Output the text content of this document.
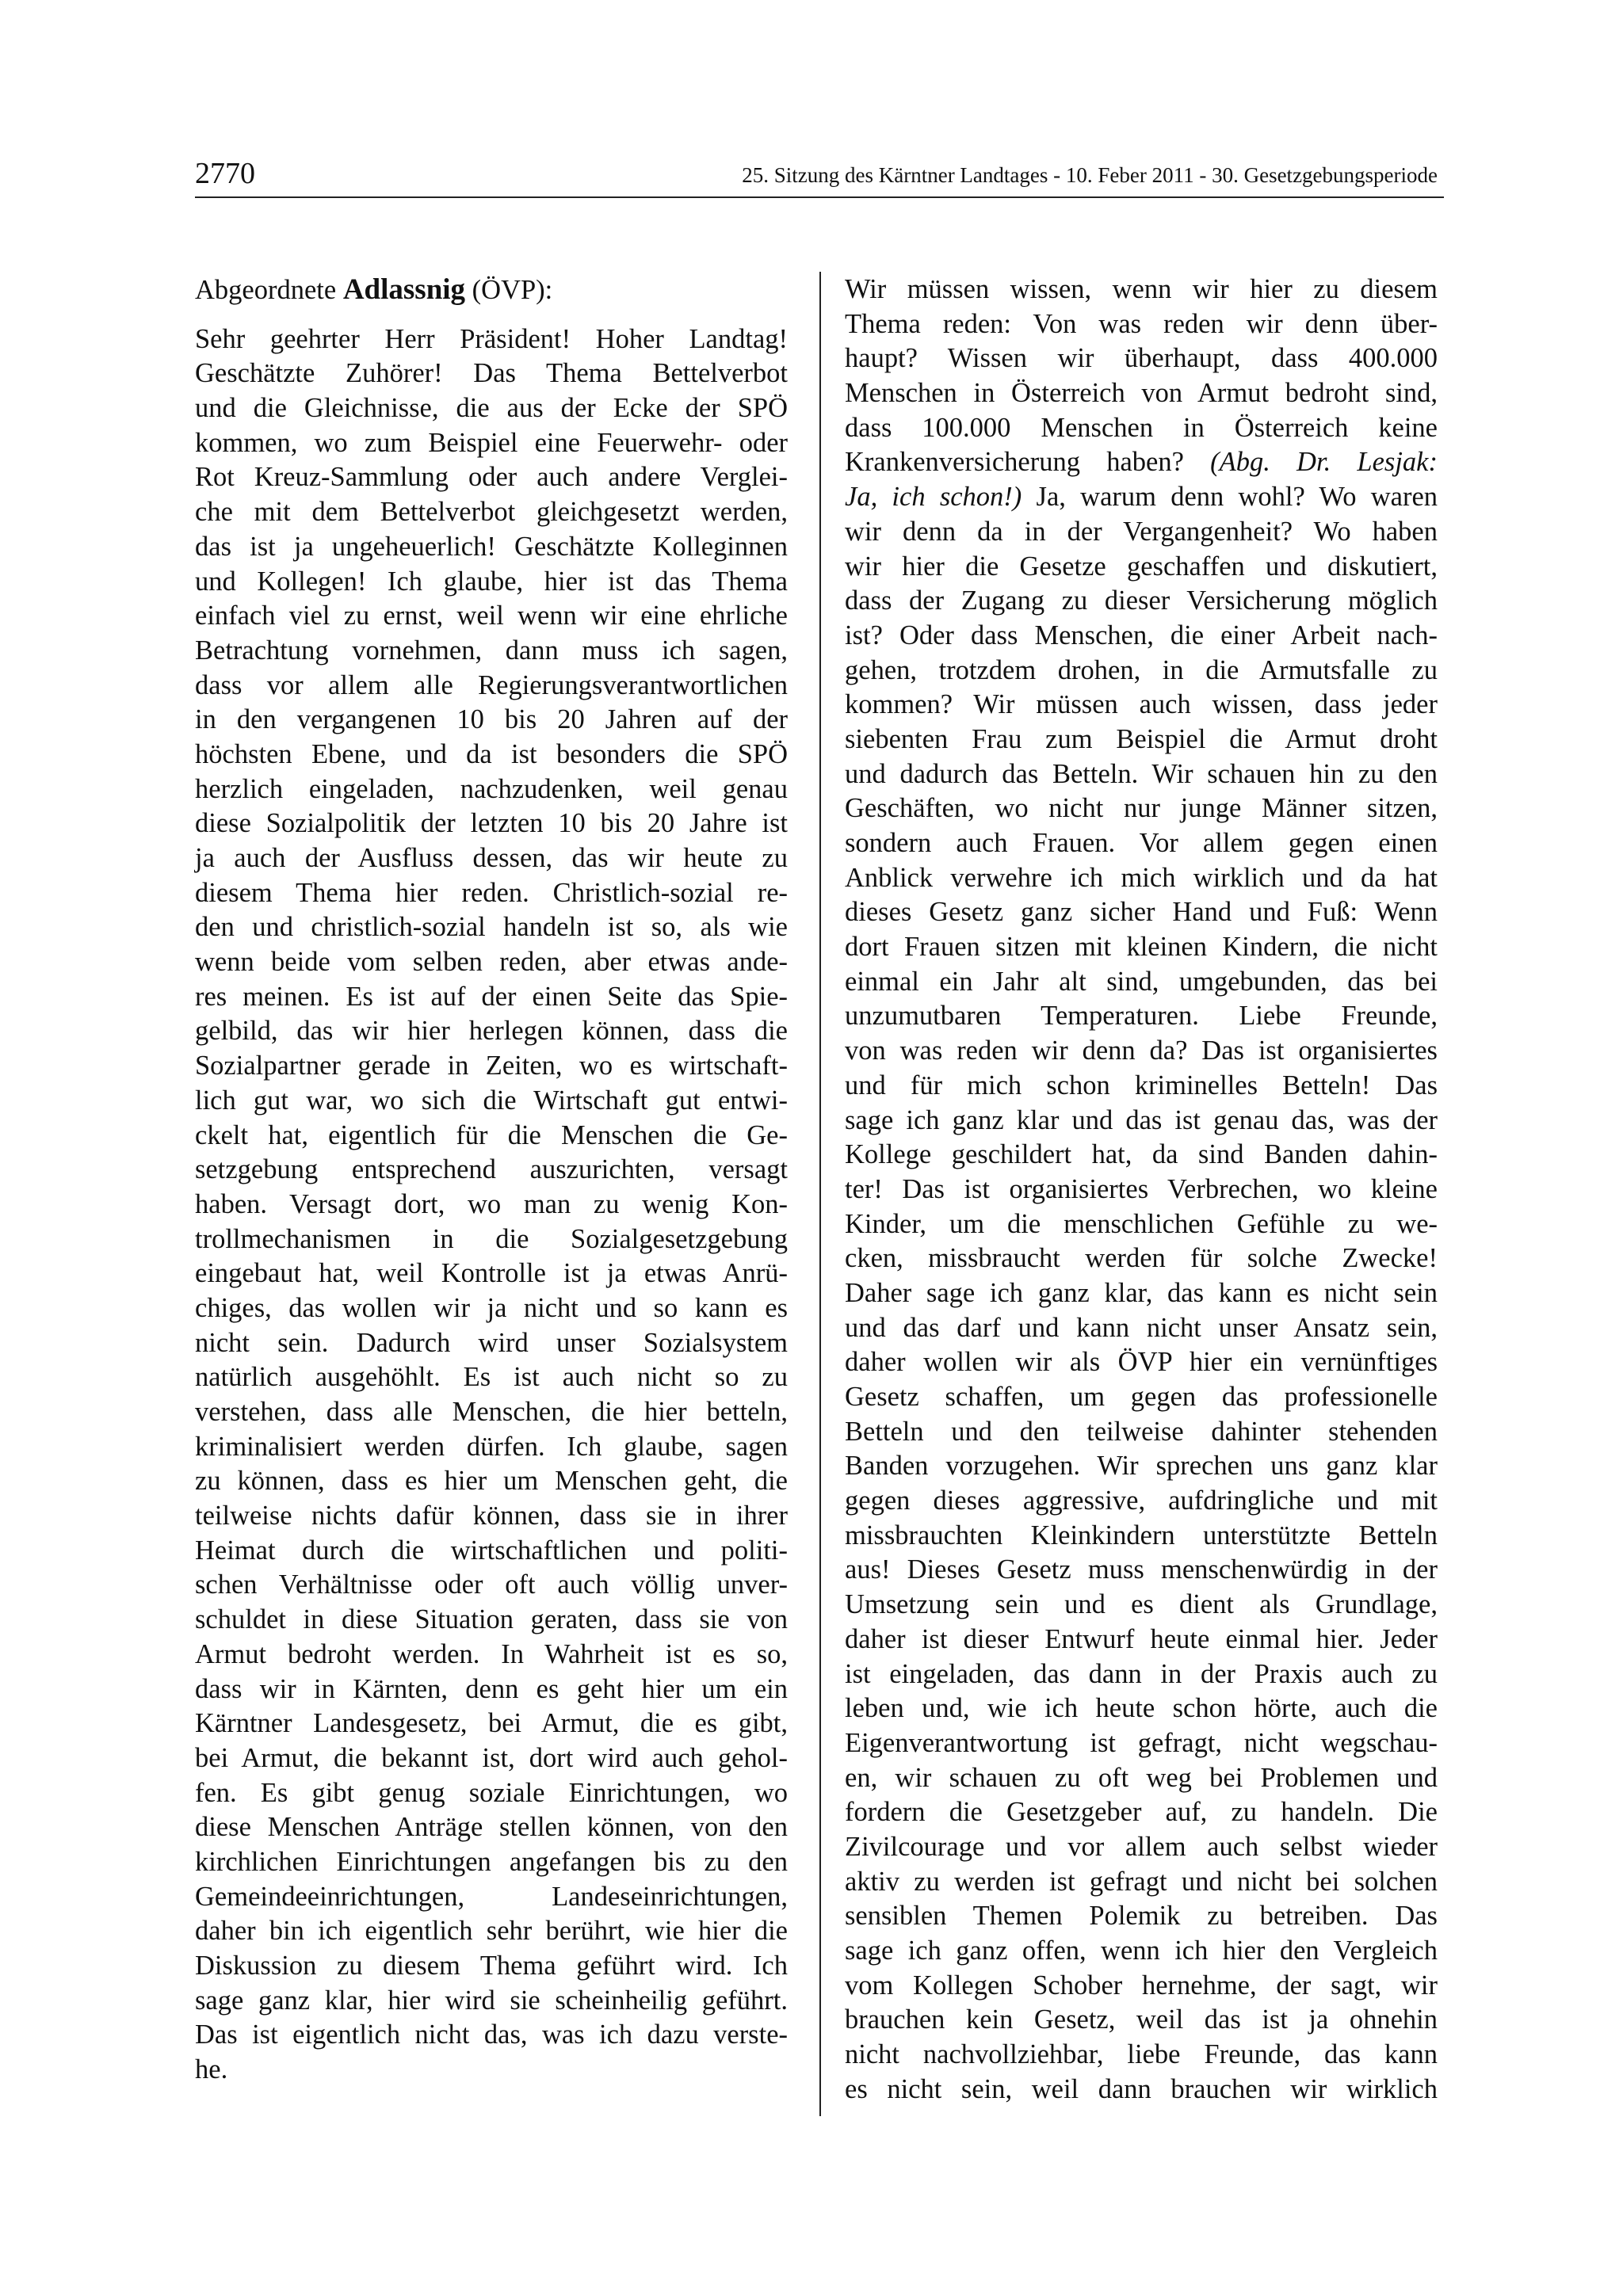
2770	25. Sitzung des Kärntner Landtages - 10. Feber 2011 - 30. Gesetzgebungsperiode
Abgeordnete Adlassnig (ÖVP):
Sehr geehrter Herr Präsident! Hoher Landtag!
Geschätzte Zuhörer! Das Thema Bettelverbot
und die Gleichnisse, die aus der Ecke der SPÖ
kommen, wo zum Beispiel eine Feuerwehr- oder
Rot Kreuz-Sammlung oder auch andere Verglei-
che mit dem Bettelverbot gleichgesetzt werden,
das ist ja ungeheuerlich! Geschätzte Kolleginnen
und Kollegen! Ich glaube, hier ist das Thema
einfach viel zu ernst, weil wenn wir eine ehrliche
Betrachtung vornehmen, dann muss ich sagen,
dass vor allem alle Regierungsverantwortlichen
in den vergangenen 10 bis 20 Jahren auf der
höchsten Ebene, und da ist besonders die SPÖ
herzlich eingeladen, nachzudenken, weil genau
diese Sozialpolitik der letzten 10 bis 20 Jahre ist
ja auch der Ausfluss dessen, das wir heute zu
diesem Thema hier reden. Christlich-sozial re-
den und christlich-sozial handeln ist so, als wie
wenn beide vom selben reden, aber etwas ande-
res meinen. Es ist auf der einen Seite das Spie-
gelbild, das wir hier herlegen können, dass die
Sozialpartner gerade in Zeiten, wo es wirtschaft-
lich gut war, wo sich die Wirtschaft gut entwi-
ckelt hat, eigentlich für die Menschen die Ge-
setzgebung entsprechend auszurichten, versagt
haben. Versagt dort, wo man zu wenig Kon-
trollmechanismen in die Sozialgesetzgebung
eingebaut hat, weil Kontrolle ist ja etwas Anrü-
chiges, das wollen wir ja nicht und so kann es
nicht sein. Dadurch wird unser Sozialsystem
natürlich ausgehöhlt. Es ist auch nicht so zu
verstehen, dass alle Menschen, die hier betteln,
kriminalisiert werden dürfen. Ich glaube, sagen
zu können, dass es hier um Menschen geht, die
teilweise nichts dafür können, dass sie in ihrer
Heimat durch die wirtschaftlichen und politi-
schen Verhältnisse oder oft auch völlig unver-
schuldet in diese Situation geraten, dass sie von
Armut bedroht werden. In Wahrheit ist es so,
dass wir in Kärnten, denn es geht hier um ein
Kärntner Landesgesetz, bei Armut, die es gibt,
bei Armut, die bekannt ist, dort wird auch gehol-
fen. Es gibt genug soziale Einrichtungen, wo
diese Menschen Anträge stellen können, von den
kirchlichen Einrichtungen angefangen bis zu den
Gemeindeeinrichtungen, Landeseinrichtungen,
daher bin ich eigentlich sehr berührt, wie hier die
Diskussion zu diesem Thema geführt wird. Ich
sage ganz klar, hier wird sie scheinheilig geführt.
Das ist eigentlich nicht das, was ich dazu verste-
he.
Wir müssen wissen, wenn wir hier zu diesem
Thema reden: Von was reden wir denn über-
haupt? Wissen wir überhaupt, dass 400.000
Menschen in Österreich von Armut bedroht sind,
dass 100.000 Menschen in Österreich keine
Krankenversicherung haben? (Abg. Dr. Lesjak:
Ja, ich schon!) Ja, warum denn wohl? Wo waren
wir denn da in der Vergangenheit? Wo haben
wir hier die Gesetze geschaffen und diskutiert,
dass der Zugang zu dieser Versicherung möglich
ist? Oder dass Menschen, die einer Arbeit nach-
gehen, trotzdem drohen, in die Armutsfalle zu
kommen? Wir müssen auch wissen, dass jeder
siebenten Frau zum Beispiel die Armut droht
und dadurch das Betteln. Wir schauen hin zu den
Geschäften, wo nicht nur junge Männer sitzen,
sondern auch Frauen. Vor allem gegen einen
Anblick verwehre ich mich wirklich und da hat
dieses Gesetz ganz sicher Hand und Fuß: Wenn
dort Frauen sitzen mit kleinen Kindern, die nicht
einmal ein Jahr alt sind, umgebunden, das bei
unzumutbaren Temperaturen. Liebe Freunde,
von was reden wir denn da? Das ist organisiertes
und für mich schon kriminelles Betteln! Das
sage ich ganz klar und das ist genau das, was der
Kollege geschildert hat, da sind Banden dahin-
ter! Das ist organisiertes Verbrechen, wo kleine
Kinder, um die menschlichen Gefühle zu we-
cken, missbraucht werden für solche Zwecke!
Daher sage ich ganz klar, das kann es nicht sein
und das darf und kann nicht unser Ansatz sein,
daher wollen wir als ÖVP hier ein vernünftiges
Gesetz schaffen, um gegen das professionelle
Betteln und den teilweise dahinter stehenden
Banden vorzugehen. Wir sprechen uns ganz klar
gegen dieses aggressive, aufdringliche und mit
missbrauchten Kleinkindern unterstützte Betteln
aus! Dieses Gesetz muss menschenwürdig in der
Umsetzung sein und es dient als Grundlage,
daher ist dieser Entwurf heute einmal hier. Jeder
ist eingeladen, das dann in der Praxis auch zu
leben und, wie ich heute schon hörte, auch die
Eigenverantwortung ist gefragt, nicht wegschau-
en, wir schauen zu oft weg bei Problemen und
fordern die Gesetzgeber auf, zu handeln. Die
Zivilcourage und vor allem auch selbst wieder
aktiv zu werden ist gefragt und nicht bei solchen
sensiblen Themen Polemik zu betreiben. Das
sage ich ganz offen, wenn ich hier den Vergleich
vom Kollegen Schober hernehme, der sagt, wir
brauchen kein Gesetz, weil das ist ja ohnehin
nicht nachvollziehbar, liebe Freunde, das kann
es nicht sein, weil dann brauchen wir wirklich
